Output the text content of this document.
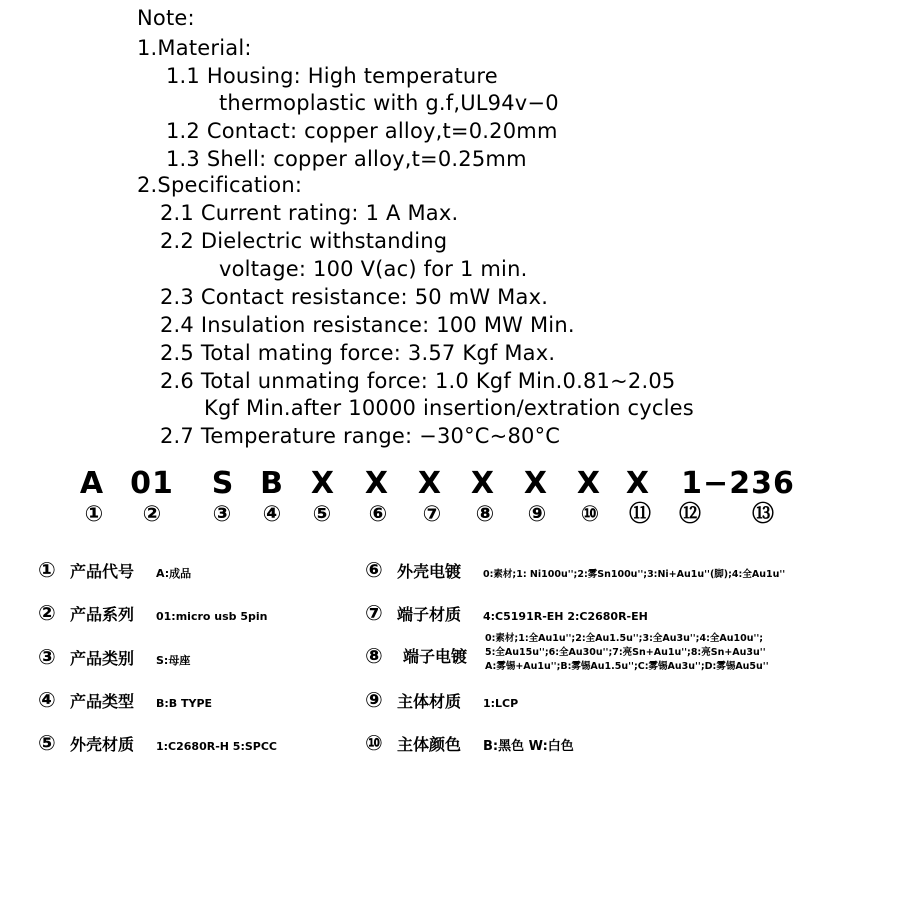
Note:
1.Material:
1.1 Housing: High temperature
thermoplastic with g.f,UL94v−0
1.2 Contact: copper alloy,t=0.20mm
1.3 Shell: copper alloy,t=0.25mm
2.Specification:
2.1 Current rating: 1 A Max.
2.2 Dielectric withstanding
voltage: 100 V(ac) for 1 min.
2.3 Contact resistance: 50 mW Max.
2.4 Insulation resistance: 100 MW Min.
2.5 Total mating force: 3.57 Kgf Max.
2.6 Total unmating force: 1.0 Kgf Min.0.81~2.05
Kgf Min.after 10000 insertion/extration cycles
2.7 Temperature range: −30°C~80°C
A 01 S B X X X X X X X 1−236
① ② ③ ④ ⑤ ⑥ ⑦ ⑧ ⑨ ⑩ ⑪ ⑫ ⑬
① 产品代号	A:成品
② 产品系列	01:micro usb 5pin
③ 产品类别	S:母座
④ 产品类型	B:B TYPE
⑤ 外壳材质	1:C2680R-H 5:SPCC
⑥ 外壳电镀	0:素材;1: Ni100u'';2:雾Sn100u'';3:Ni+Au1u''(脚);4:全Au1u''
⑦ 端子材质	4:C5191R-EH 2:C2680R-EH
⑧ 端子电镀
0:素材;1:全Au1u'';2:全Au1.5u'';3:全Au3u'';4:全Au10u'';
5:全Au15u'';6:全Au30u'';7:亮Sn+Au1u'';8:亮Sn+Au3u''
A:雾锡+Au1u'';B:雾锡Au1.5u'';C:雾锡Au3u'';D:雾锡Au5u''
⑨ 主体材质	1:LCP
⑩ 主体颜色	B:黑色 W:白色
